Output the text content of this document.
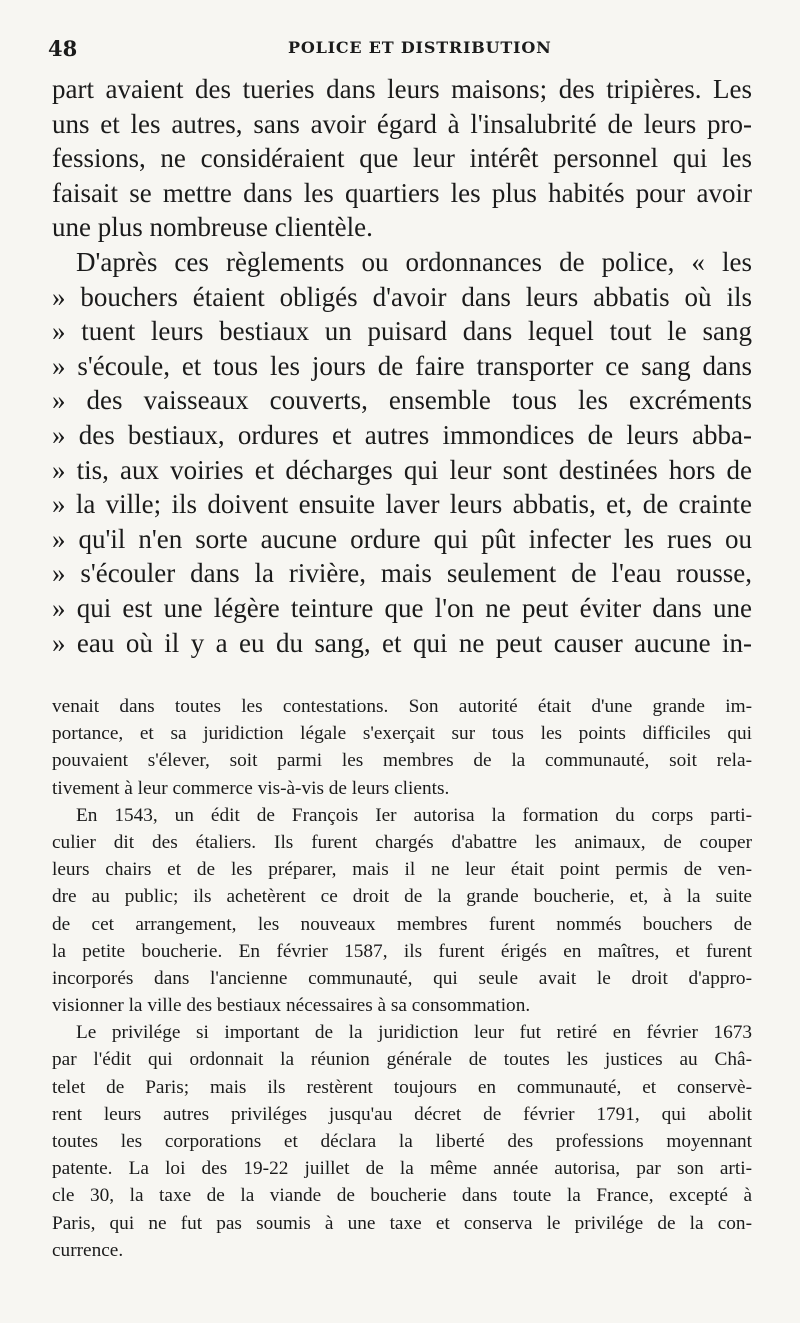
48	POLICE ET DISTRIBUTION
part avaient des tueries dans leurs maisons; des tripières. Les
uns et les autres, sans avoir égard à l'insalubrité de leurs pro-
fessions, ne considéraient que leur intérêt personnel qui les
faisait se mettre dans les quartiers les plus habités pour avoir
une plus nombreuse clientèle.
D'après ces règlements ou ordonnances de police, « les
» bouchers étaient obligés d'avoir dans leurs abbatis où ils
» tuent leurs bestiaux un puisard dans lequel tout le sang
» s'écoule, et tous les jours de faire transporter ce sang dans
» des vaisseaux couverts, ensemble tous les excréments
» des bestiaux, ordures et autres immondices de leurs abba-
» tis, aux voiries et décharges qui leur sont destinées hors de
» la ville; ils doivent ensuite laver leurs abbatis, et, de crainte
» qu'il n'en sorte aucune ordure qui pût infecter les rues ou
» s'écouler dans la rivière, mais seulement de l'eau rousse,
» qui est une légère teinture que l'on ne peut éviter dans une
» eau où il y a eu du sang, et qui ne peut causer aucune in-
venait dans toutes les contestations. Son autorité était d'une grande im-
portance, et sa juridiction légale s'exerçait sur tous les points difficiles qui
pouvaient s'élever, soit parmi les membres de la communauté, soit rela-
tivement à leur commerce vis-à-vis de leurs clients.
En 1543, un édit de François Ier autorisa la formation du corps parti-
culier dit des étaliers. Ils furent chargés d'abattre les animaux, de couper
leurs chairs et de les préparer, mais il ne leur était point permis de ven-
dre au public; ils achetèrent ce droit de la grande boucherie, et, à la suite
de cet arrangement, les nouveaux membres furent nommés bouchers de
la petite boucherie. En février 1587, ils furent érigés en maîtres, et furent
incorporés dans l'ancienne communauté, qui seule avait le droit d'appro-
visionner la ville des bestiaux nécessaires à sa consommation.
Le privilége si important de la juridiction leur fut retiré en février 1673
par l'édit qui ordonnait la réunion générale de toutes les justices au Châ-
telet de Paris; mais ils restèrent toujours en communauté, et conservè-
rent leurs autres priviléges jusqu'au décret de février 1791, qui abolit
toutes les corporations et déclara la liberté des professions moyennant
patente. La loi des 19-22 juillet de la même année autorisa, par son arti-
cle 30, la taxe de la viande de boucherie dans toute la France, excepté à
Paris, qui ne fut pas soumis à une taxe et conserva le privilége de la con-
currence.
